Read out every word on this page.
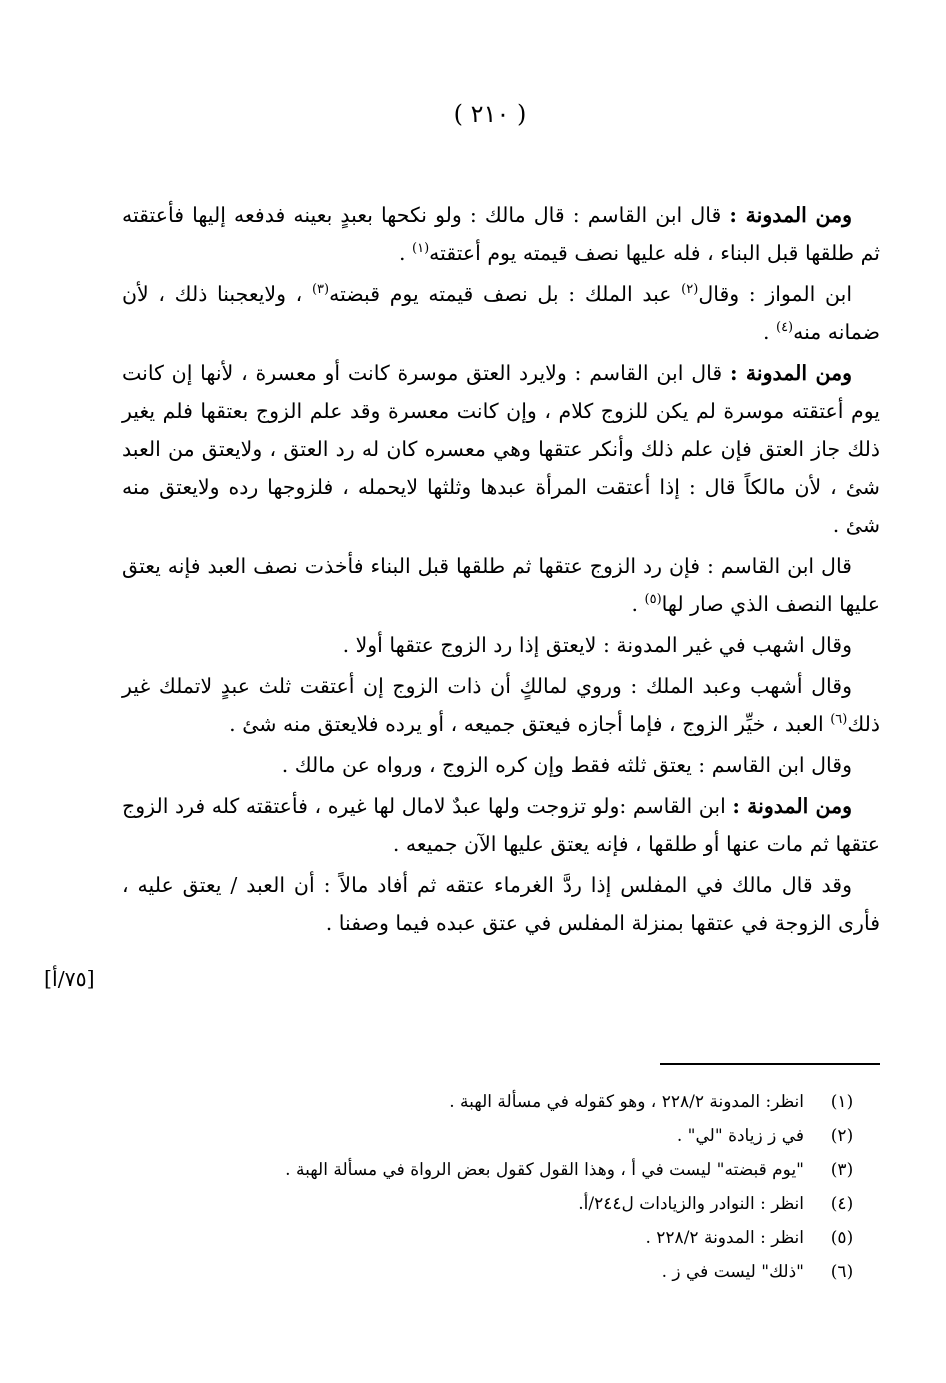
( ٢١٠ )

ومن المدونة : قال ابن القاسم : قال مالك : ولو نكحها بعبدٍ بعينه فدفعه إليها فأعتقته ثم طلقها قبل البناء ، فله عليها نصف قيمته يوم أعتقته$^{(١)}$ .

ابن المواز : وقال$^{(٢)}$ عبد الملك : بل نصف قيمته يوم قبضته$^{(٣)}$ ، ولايعجبنا ذلك ، لأن ضمانه منه$^{(٤)}$ .

ومن المدونة : قال ابن القاسم : ولايرد العتق موسرة كانت أو معسرة ، لأنها إن كانت يوم أعتقته موسرة لم يكن للزوج كلام ، وإن كانت معسرة وقد علم الزوج بعتقها فلم يغير ذلك جاز العتق فإن علم ذلك وأنكر عتقها وهي معسره كان له رد العتق ، ولايعتق من العبد شئ ، لأن مالكاً قال : إذا أعتقت المرأة عبدها وثلثها لايحمله ، فلزوجها رده ولايعتق منه شئ .

قال ابن القاسم : فإن رد الزوج عتقها ثم طلقها قبل البناء فأخذت نصف العبد فإنه يعتق عليها النصف الذي صار لها$^{(٥)}$ .

وقال اشهب في غير المدونة : لايعتق إذا رد الزوج عتقها أولا .

وقال أشهب وعبد الملك : وروي لمالكٍ أن ذات الزوج إن أعتقت ثلث عبدٍ لاتملك غير ذلك$^{(٦)}$ العبد ، خيِّر الزوج ، فإما أجازه فيعتق جميعه ، أو يرده فلايعتق منه شئ .

وقال ابن القاسم : يعتق ثلثه فقط وإن كره الزوج ، ورواه عن مالك .

ومن المدونة : ابن القاسم :ولو تزوجت ولها عبدٌ لامال لها غيره ، فأعتقته كله فرد الزوج عتقها ثم مات عنها أو طلقها ، فإنه يعتق عليها الآن جميعه .

وقد قال مالك في المفلس إذا ردَّ الغرماء عتقه ثم أفاد مالاً : أن العبد / يعتق عليه ، فأرى الزوجة في عتقها بمنزلة المفلس في عتق عبده فيما وصفنا .

[٧٥/أ]
(١)
انظر: المدونة ٢٢٨/٢ ، وهو كقوله في مسألة الهبة .
(٢)
في ز زيادة "لي" .
(٣)
"يوم قبضته" ليست في أ ، وهذا القول كقول بعض الرواة في مسألة الهبة .
(٤)
انظر : النوادر والزيادات ل٢٤٤/أ.
(٥)
انظر : المدونة ٢٢٨/٢ .
(٦)
"ذلك" ليست في ز .
